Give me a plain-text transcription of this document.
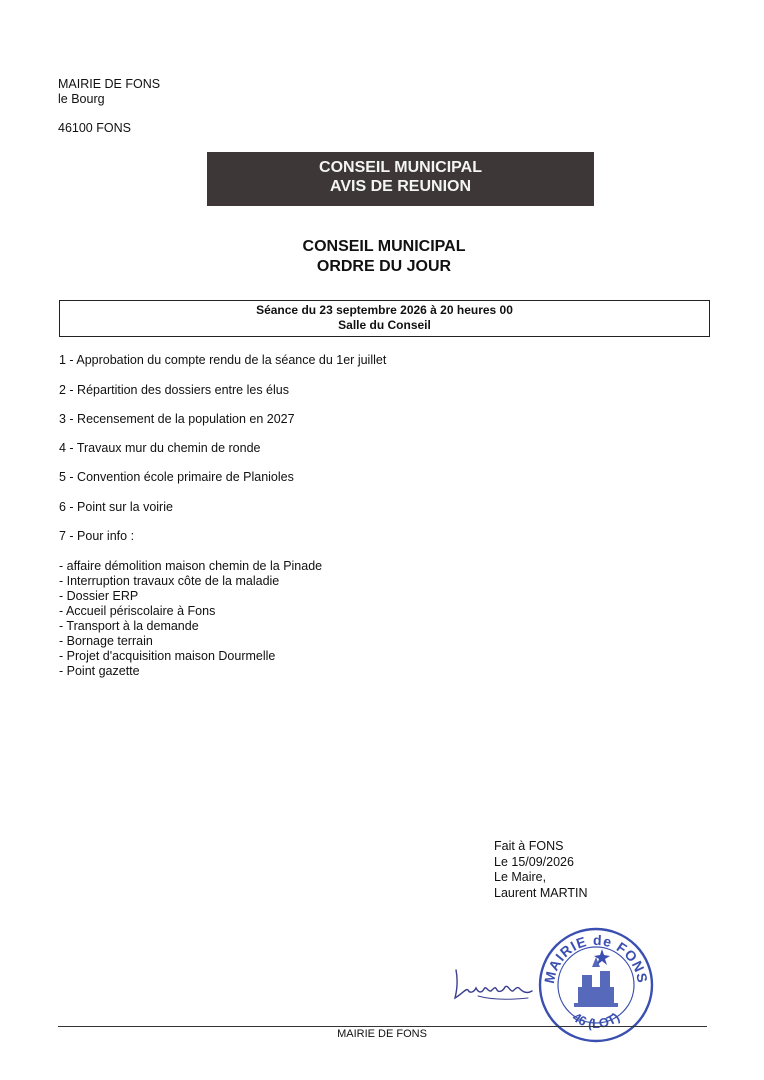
MAIRIE DE FONS
le Bourg
46100 FONS
CONSEIL MUNICIPAL
AVIS DE REUNION
CONSEIL MUNICIPAL
ORDRE DU JOUR
Séance du 23 septembre 2026 à 20 heures 00
Salle du Conseil
1 - Approbation du compte rendu de la séance du 1er juillet
2 - Répartition des dossiers entre les élus
3 - Recensement de la population en 2027
4 - Travaux mur du chemin de ronde
5 - Convention école primaire de Planioles
6 - Point sur la voirie
7 - Pour info :
- affaire démolition maison chemin de la Pinade
- Interruption travaux côte de la maladie
- Dossier ERP
- Accueil périscolaire à Fons
- Transport à la demande
- Bornage terrain
- Projet d'acquisition maison Dourmelle
- Point gazette
Fait à FONS
Le 15/09/2026
Le Maire,
Laurent MARTIN
MAIRIE de FONS
46 (LOT)
MAIRIE DE FONS
